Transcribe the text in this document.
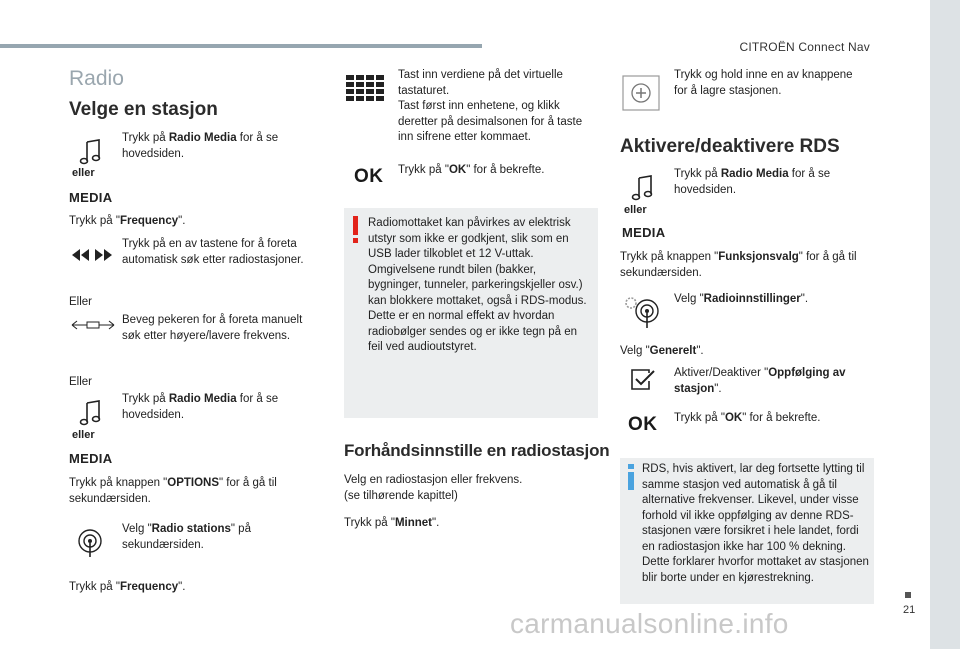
CITROËN Connect Nav
21
Radio
Velge en stasjon
eller
MEDIA
Trykk på Radio Media for å se hovedsiden.
Trykk på "Frequency".
Trykk på en av tastene for å foreta automatisk søk etter radiostasjoner.
Eller
Beveg pekeren for å foreta manuelt søk etter høyere/lavere frekvens.
Eller
eller
MEDIA
Trykk på Radio Media for å se hovedsiden.
Trykk på knappen "OPTIONS" for å gå til sekundærsiden.
Velg "Radio stations" på sekundærsiden.
Trykk på "Frequency".
Tast inn verdiene på det virtuelle tastaturet.
Tast først inn enhetene, og klikk deretter på desimalsonen for å taste inn sifrene etter kommaet.
OK Trykk på "OK" for å bekrefte.
Radiomottaket kan påvirkes av elektrisk utstyr som ikke er godkjent, slik som en USB lader tilkoblet et 12 V-uttak. Omgivelsene rundt bilen (bakker, bygninger, tunneler, parkeringskjeller osv.) kan blokkere mottaket, også i RDS-modus. Dette er en normal effekt av hvordan radiobølger sendes og er ikke tegn på en feil ved audioutstyret.
Forhåndsinnstille en radiostasjon
Velg en radiostasjon eller frekvens.
(se tilhørende kapittel)
Trykk på "Minnet".
Trykk og hold inne en av knappene for å lagre stasjonen.
Aktivere/deaktivere RDS
eller
MEDIA
Trykk på Radio Media for å se hovedsiden.
Trykk på knappen "Funksjonsvalg" for å gå til sekundærsiden.
Velg "Radioinnstillinger".
Velg "Generelt".
Aktiver/Deaktiver "Oppfølging av stasjon".
OK Trykk på "OK" for å bekrefte.
RDS, hvis aktivert, lar deg fortsette lytting til samme stasjon ved automatisk å gå til alternative frekvenser. Likevel, under visse forhold vil ikke oppfølging av denne RDS-stasjonen være forsikret i hele landet, fordi en radiostasjon ikke har 100 % dekning. Dette forklarer hvorfor mottaket av stasjonen blir borte under en kjørestrekning.
carmanualsonline.info
